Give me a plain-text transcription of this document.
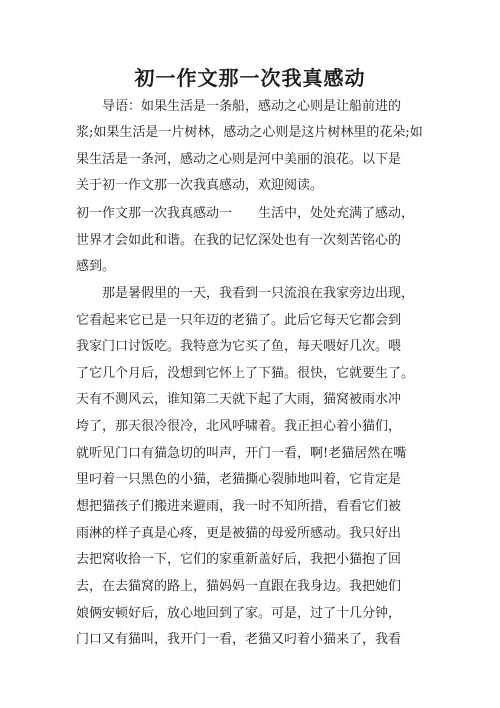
初一作文那一次我真感动

　　导语：如果生活是一条船，感动之心则是让船前进的

浆;如果生活是一片树林，感动之心则是这片树林里的花朵;如

果生活是一条河，感动之心则是河中美丽的浪花。以下是

关于初一作文那一次我真感动，欢迎阅读。

初一作文那一次我真感动一　　生活中，处处充满了感动，

世界才会如此和谐。在我的记忆深处也有一次刻苦铭心的

感到。

　　那是暑假里的一天，我看到一只流浪在我家旁边出现，

它看起来它已是一只年迈的老猫了。此后它每天它都会到

我家门口讨饭吃。我特意为它买了鱼，每天喂好几次。喂

了它几个月后，没想到它怀上了下猫。很快，它就要生了。

天有不测风云，谁知第二天就下起了大雨，猫窝被雨水冲

垮了，那天很冷很冷，北风呼啸着。我正担心着小猫们，

就听见门口有猫急切的叫声，开门一看，啊!老猫居然在嘴

里叼着一只黑色的小猫，老猫撕心裂肺地叫着，它肯定是

想把猫孩子们搬进来避雨，我一时不知所措，看看它们被

雨淋的样子真是心疼，更是被猫的母爱所感动。我只好出

去把窝收拾一下，它们的家重新盖好后，我把小猫抱了回

去，在去猫窝的路上，猫妈妈一直跟在我身边。我把她们

娘俩安顿好后，放心地回到了家。可是，过了十几分钟，

门口又有猫叫，我开门一看，老猫又叼着小猫来了，我看
